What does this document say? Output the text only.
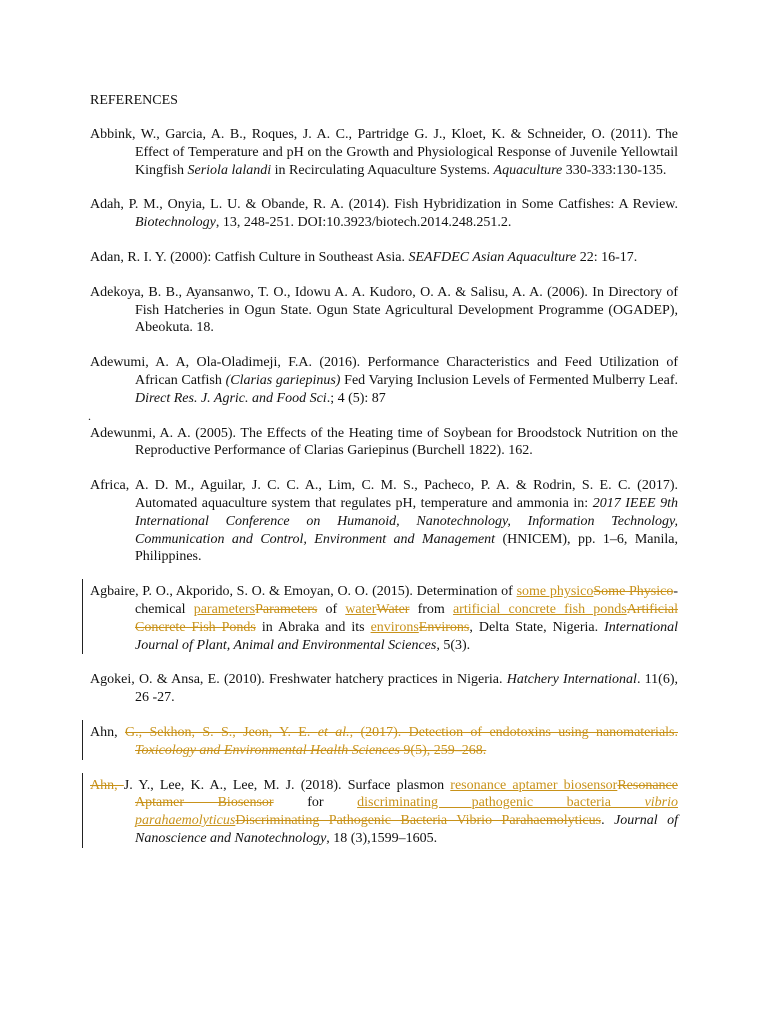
REFERENCES
Abbink, W., Garcia, A. B., Roques, J. A. C., Partridge G. J., Kloet, K. & Schneider, O. (2011). The Effect of Temperature and pH on the Growth and Physiological Response of Juvenile Yellowtail Kingfish Seriola lalandi in Recirculating Aquaculture Systems. Aquaculture 330-333:130-135.
Adah, P. M., Onyia, L. U. & Obande, R. A. (2014). Fish Hybridization in Some Catfishes: A Review. Biotechnology, 13, 248-251. DOI:10.3923/biotech.2014.248.251.2.
Adan, R. I. Y. (2000): Catfish Culture in Southeast Asia. SEAFDEC Asian Aquaculture 22: 16-17.
Adekoya, B. B., Ayansanwo, T. O., Idowu A. A. Kudoro, O. A. & Salisu, A. A. (2006). In Directory of Fish Hatcheries in Ogun State. Ogun State Agricultural Development Programme (OGADEP), Abeokuta. 18.
Adewumi, A. A, Ola-Oladimeji, F.A. (2016). Performance Characteristics and Feed Utilization of African Catfish (Clarias gariepinus) Fed Varying Inclusion Levels of Fermented Mulberry Leaf. Direct Res. J. Agric. and Food Sci.; 4 (5): 87
.
Adewunmi, A. A. (2005). The Effects of the Heating time of Soybean for Broodstock Nutrition on the Reproductive Performance of Clarias Gariepinus (Burchell 1822). 162.
Africa, A. D. M., Aguilar, J. C. C. A., Lim, C. M. S., Pacheco, P. A. & Rodrin, S. E. C. (2017). Automated aquaculture system that regulates pH, temperature and ammonia in: 2017 IEEE 9th International Conference on Humanoid, Nanotechnology, Information Technology, Communication and Control, Environment and Management (HNICEM), pp. 1–6, Manila, Philippines.
Agbaire, P. O., Akporido, S. O. & Emoyan, O. O. (2015). Determination of some physicoSome Physico-chemical parametersParameters of waterWater from artificial concrete fish pondsArtificial Concrete Fish Ponds in Abraka and its environsEnvirons, Delta State, Nigeria. International Journal of Plant, Animal and Environmental Sciences, 5(3).
Agokei, O. & Ansa, E. (2010). Freshwater hatchery practices in Nigeria. Hatchery International. 11(6), 26 -27.
Ahn, G., Sekhon, S. S., Jeon, Y. E. et al., (2017). Detection of endotoxins using nanomaterials. Toxicology and Environmental Health Sciences 9(5), 259–268.
Ahn, J. Y., Lee, K. A., Lee, M. J. (2018). Surface plasmon resonance aptamer biosensorResonance Aptamer Biosensor for discriminating pathogenic bacteria vibrio parahaemolyticusDiscriminating Pathogenic Bacteria Vibrio Parahaemolyticus. Journal of Nanoscience and Nanotechnology, 18 (3),1599–1605.
